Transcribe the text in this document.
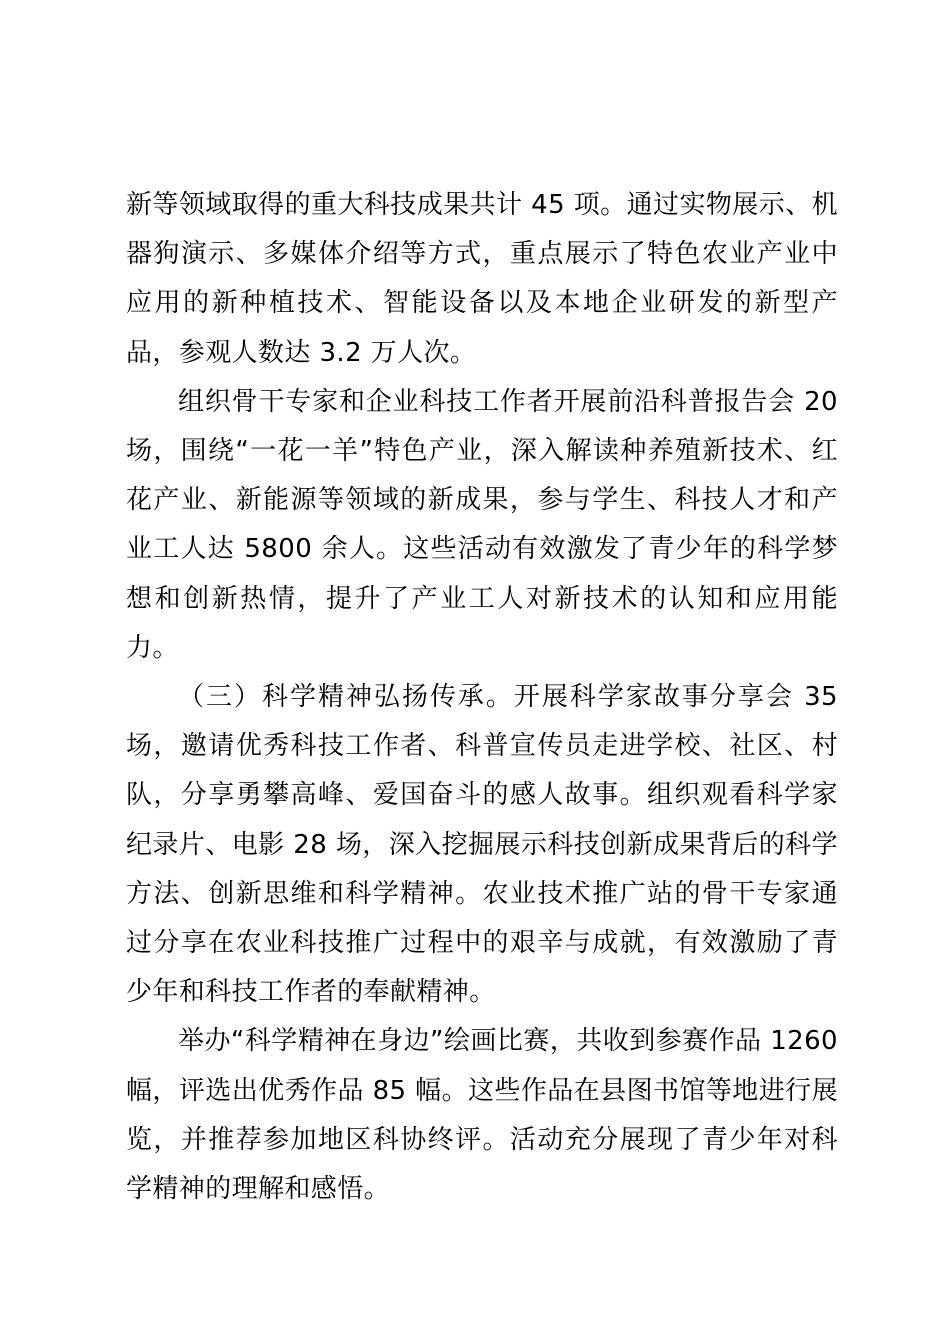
新等领域取得的重大科技成果共计 45 项。通过实物展示、机器狗演示、多媒体介绍等方式，重点展示了特色农业产业中应用的新种植技术、智能设备以及本地企业研发的新型产品，参观人数达 3.2 万人次。

组织骨干专家和企业科技工作者开展前沿科普报告会 20 场，围绕“一花一羊”特色产业，深入解读种养殖新技术、红花产业、新能源等领域的新成果，参与学生、科技人才和产业工人达 5800 余人。这些活动有效激发了青少年的科学梦想和创新热情，提升了产业工人对新技术的认知和应用能力。

（三）科学精神弘扬传承。开展科学家故事分享会 35 场，邀请优秀科技工作者、科普宣传员走进学校、社区、村队，分享勇攀高峰、爱国奋斗的感人故事。组织观看科学家纪录片、电影 28 场，深入挖掘展示科技创新成果背后的科学方法、创新思维和科学精神。农业技术推广站的骨干专家通过分享在农业科技推广过程中的艰辛与成就，有效激励了青少年和科技工作者的奉献精神。

举办“科学精神在身边”绘画比赛，共收到参赛作品 1260 幅，评选出优秀作品 85 幅。这些作品在县图书馆等地进行展览，并推荐参加地区科协终评。活动充分展现了青少年对科学精神的理解和感悟。
